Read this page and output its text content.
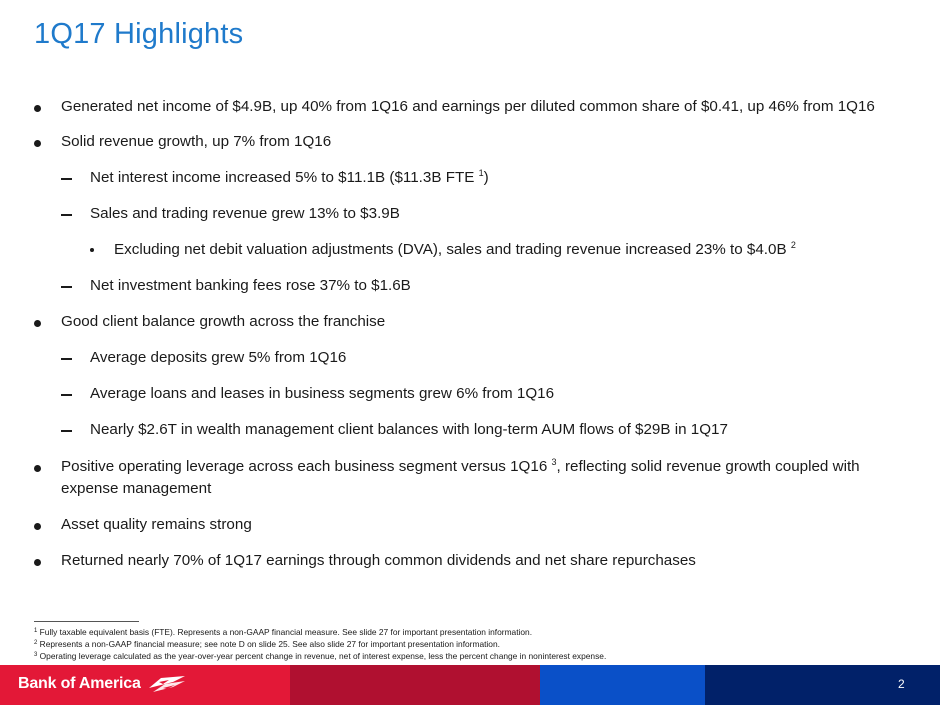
1Q17 Highlights
Generated net income of $4.9B, up 40% from 1Q16 and earnings per diluted common share of $0.41, up 46% from 1Q16
Solid revenue growth, up 7% from 1Q16
Net interest income increased 5% to $11.1B ($11.3B FTE $^1$)
Sales and trading revenue grew 13% to $3.9B
Excluding net debit valuation adjustments (DVA), sales and trading revenue increased 23% to $4.0B $^2$
Net investment banking fees rose 37% to $1.6B
Good client balance growth across the franchise
Average deposits grew 5% from 1Q16
Average loans and leases in business segments grew 6% from 1Q16
Nearly $2.6T in wealth management client balances with long-term AUM flows of $29B in 1Q17
Positive operating leverage across each business segment versus 1Q16 $^3$, reflecting solid revenue growth coupled with
expense management
Asset quality remains strong
Returned nearly 70% of 1Q17 earnings through common dividends and net share repurchases
$^1$ Fully taxable equivalent basis (FTE). Represents a non-GAAP financial measure. See slide 27 for important presentation information.
$^2$ Represents a non-GAAP financial measure; see note D on slide 25. See also slide 27 for important presentation information.
$^3$ Operating leverage calculated as the year-over-year percent change in revenue, net of interest expense, less the percent change in noninterest expense.
Bank of America	2
